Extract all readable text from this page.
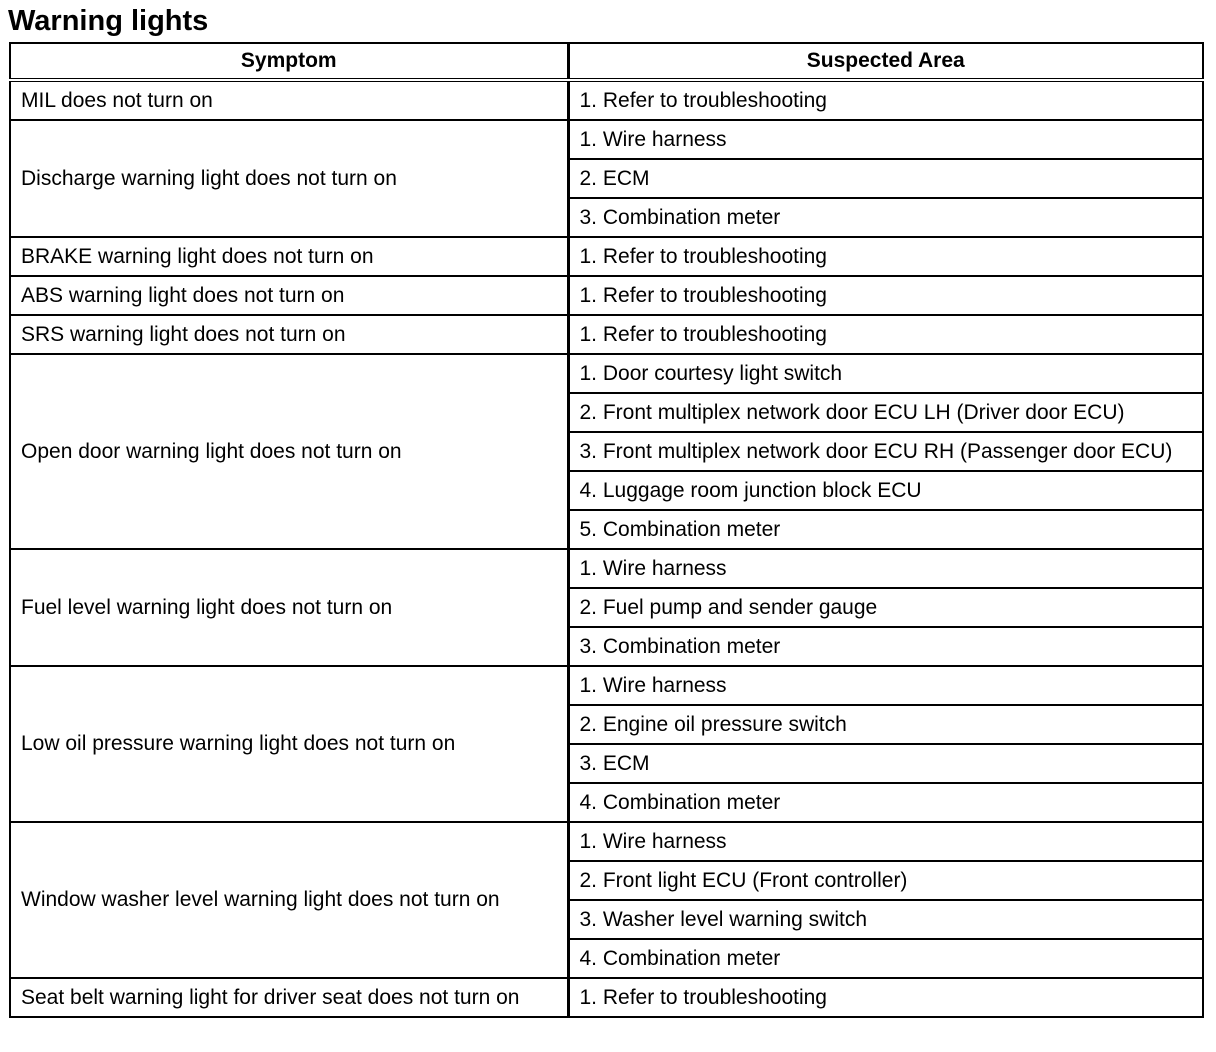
Warning lights
Symptom	Suspected Area
MIL does not turn on	1. Refer to troubleshooting
Discharge warning light does not turn on	1. Wire harness
	2. ECM
	3. Combination meter
BRAKE warning light does not turn on	1. Refer to troubleshooting
ABS warning light does not turn on	1. Refer to troubleshooting
SRS warning light does not turn on	1. Refer to troubleshooting
Open door warning light does not turn on	1. Door courtesy light switch
	2. Front multiplex network door ECU LH (Driver door ECU)
	3. Front multiplex network door ECU RH (Passenger door ECU)
	4. Luggage room junction block ECU
	5. Combination meter
Fuel level warning light does not turn on	1. Wire harness
	2. Fuel pump and sender gauge
	3. Combination meter
Low oil pressure warning light does not turn on	1. Wire harness
	2. Engine oil pressure switch
	3. ECM
	4. Combination meter
Window washer level warning light does not turn on	1. Wire harness
	2. Front light ECU (Front controller)
	3. Washer level warning switch
	4. Combination meter
Seat belt warning light for driver seat does not turn on	1. Refer to troubleshooting
